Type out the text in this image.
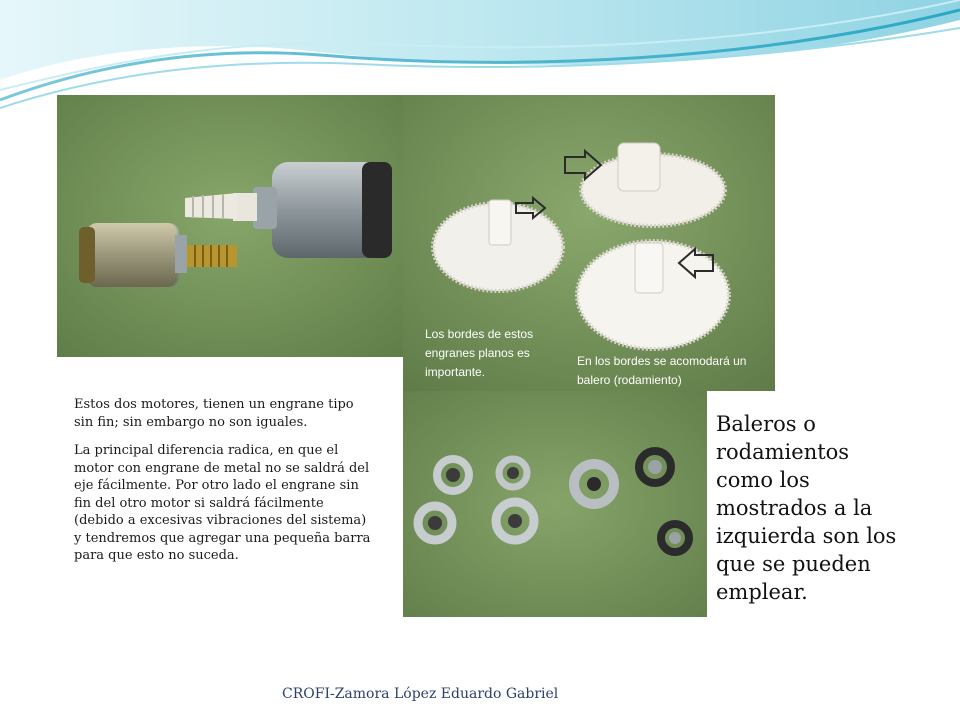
Los bordes de estos
engranes planos es
importante.
En los bordes se acomodará un
balero (rodamiento)

Estos dos motores, tienen un engrane tipo sin fin; sin embargo no son iguales.

La principal diferencia radica, en que el motor con engrane de metal no se saldrá del eje fácilmente. Por otro lado el engrane sin fin del otro motor si saldrá fácilmente (debido a excesivas vibraciones del sistema) y tendremos que agregar una pequeña barra para que esto no suceda.

Baleros o rodamientos como los mostrados a la izquierda son los que se pueden emplear.
CROFI-Zamora López Eduardo Gabriel
